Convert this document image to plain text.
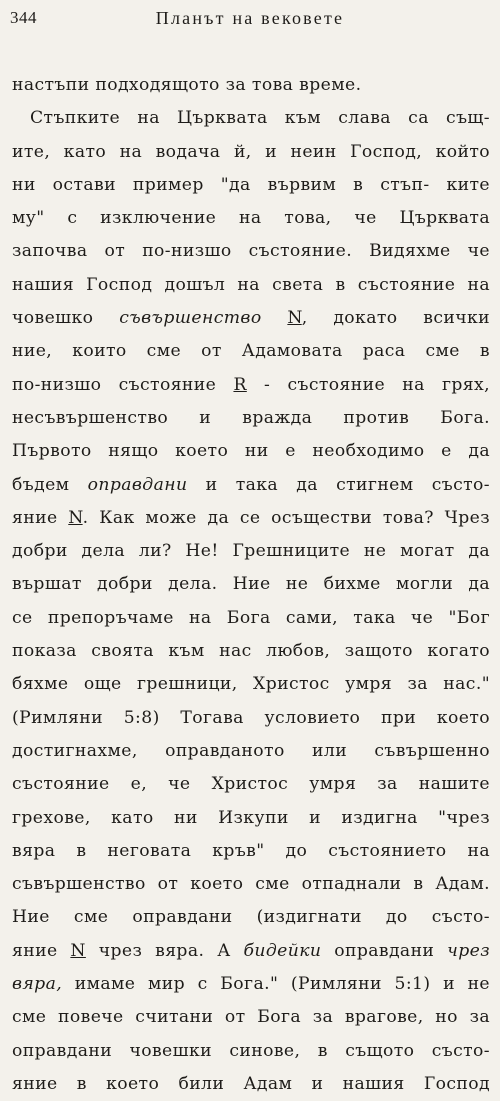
344	Планът на вековете
настъпи подходящото за това време.
Стъпките на Църквата към слава са същ-
ите, като на водача й, и неин Господ, който
ни остави пример "да вървим в стъп- ките
му" с изключение на това, че Църквата
започва от по-низшо състояние. Видяхме че
нашия Господ дошъл на света в състояние на
човешко съвършенство N, докато всички
ние, които сме от Адамовата раса сме в
по-низшо състояние R - състояние на грях,
несъвършенство и вражда против Бога.
Първото нящо което ни е необходимо е да
бъдем оправдани и така да стигнем състо-
яние N. Как може да се осъществи това? Чрез
добри дела ли? Не! Грешниците не могат да
вършат добри дела. Ние не бихме могли да
се препоръчаме на Бога сами, така че "Бог
показа своята към нас любов, защото когато
бяхме още грешници, Христос умря за нас."
(Римляни 5:8) Тогава условието при което
достигнахме, оправданото или съвършенно
състояние е, че Христос умря за нашите
грехове, като ни Изкупи и издигна "чрез
вяра в неговата кръв" до състоянието на
съвършенство от което сме отпаднали в Адам.
Ние сме оправдани (издигнати до състо-
яние N чрез вяра. А бидейки оправдани чрез
вяра, имаме мир с Бога." (Римляни 5:1) и не
сме повече считани от Бога за врагове, но за
оправдани човешки синове, в същото състо-
яние в което били Адам и нашия Господ
